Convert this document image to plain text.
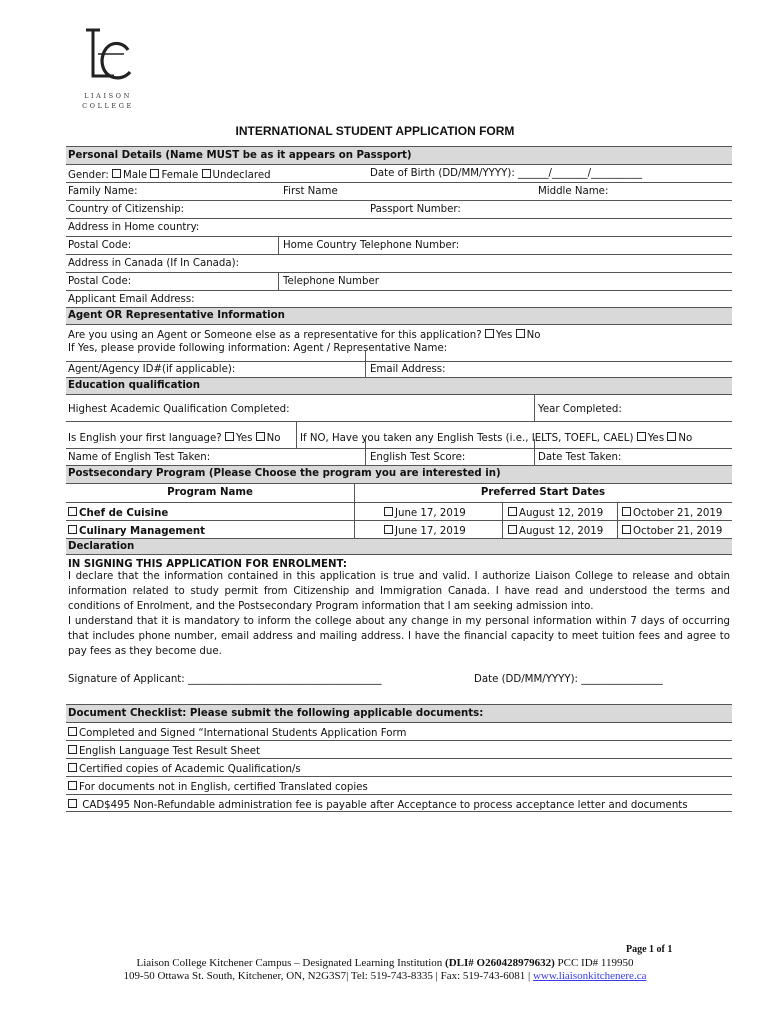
LIAISON
COLLEGE
INTERNATIONAL STUDENT APPLICATION FORM
Personal Details (Name MUST be as it appears on Passport)
Gender: Male Female Undeclared	Date of Birth (DD/MM/YYYY): ______/_______/__________
Family Name:	First Name	Middle Name:
Country of Citizenship:	Passport Number:
Address in Home country:
Postal Code:	Home Country Telephone Number:
Address in Canada (If In Canada):
Postal Code:	Telephone Number
Applicant Email Address:
Agent OR Representative Information
Are you using an Agent or Someone else as a representative for this application? Yes No
If Yes, please provide following information: Agent / Representative Name:
Agent/Agency ID#(if applicable):	Email Address:
Education qualification
Highest Academic Qualification Completed:	Year Completed:
Is English your first language? Yes No If NO, Have you taken any English Tests (i.e., IELTS, TOEFL, CAEL) Yes No
Name of English Test Taken:	English Test Score:	Date Test Taken:
Postsecondary Program (Please Choose the program you are interested in)
Program Name	Preferred Start Dates
Chef de Cuisine	June 17, 2019	August 12, 2019	October 21, 2019
Culinary Management	June 17, 2019	August 12, 2019	October 21, 2019
Declaration
IN SIGNING THIS APPLICATION FOR ENROLMENT:
I declare that the information contained in this application is true and valid. I authorize Liaison College to release and obtain information related to study permit from Citizenship and Immigration Canada. I have read and understood the terms and conditions of Enrolment, and the Postsecondary Program information that I am seeking admission into.
I understand that it is mandatory to inform the college about any change in my personal information within 7 days of occurring that includes phone number, email address and mailing address. I have the financial capacity to meet tuition fees and agree to pay fees as they become due.
Signature of Applicant: ______________________________________	Date (DD/MM/YYYY): ________________
Document Checklist: Please submit the following applicable documents:
Completed and Signed “International Students Application Form
English Language Test Result Sheet
Certified copies of Academic Qualification/s
For documents not in English, certified Translated copies
CAD$495 Non-Refundable administration fee is payable after Acceptance to process acceptance letter and documents
Page 1 of 1
Liaison College Kitchener Campus – Designated Learning Institution (DLI# O260428979632) PCC ID# 119950
109-50 Ottawa St. South, Kitchener, ON, N2G3S7| Tel: 519-743-8335 | Fax: 519-743-6081 | www.liaisonkitchenere.ca
